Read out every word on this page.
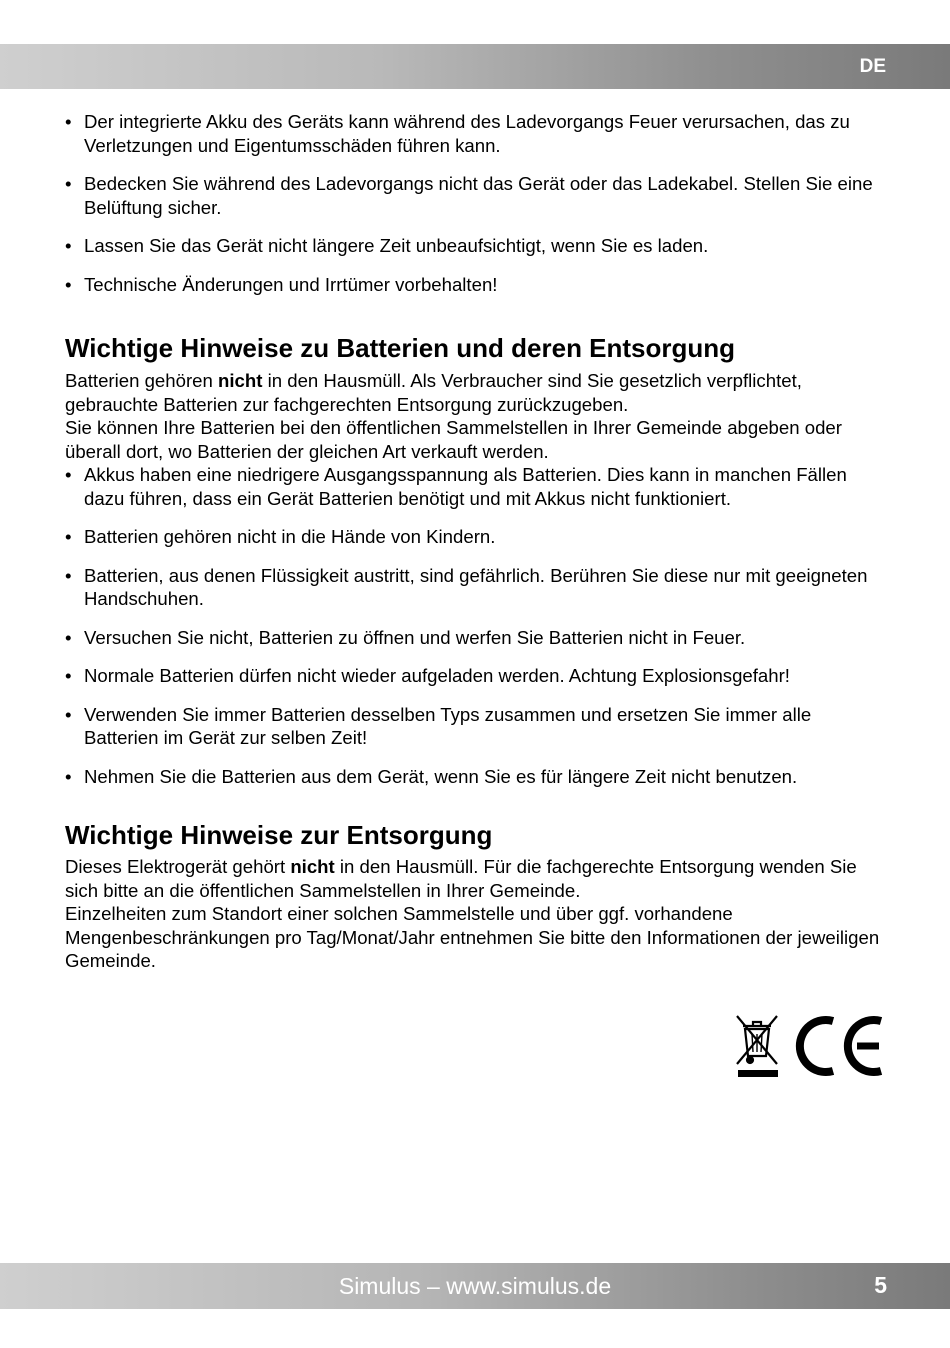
DE
• Der integrierte Akku des Geräts kann während des Ladevorgangs Feuer verursachen, das zu Verletzungen und Eigentumsschäden führen kann.
• Bedecken Sie während des Ladevorgangs nicht das Gerät oder das Ladekabel. Stellen Sie eine Belüftung sicher.
• Lassen Sie das Gerät nicht längere Zeit unbeaufsichtigt, wenn Sie es laden.
• Technische Änderungen und Irrtümer vorbehalten!
Wichtige Hinweise zu Batterien und deren Entsorgung

Batterien gehören nicht in den Hausmüll. Als Verbraucher sind Sie gesetzlich verpflichtet, gebrauchte Batterien zur fachgerechten Entsorgung zurückzugeben.

Sie können Ihre Batterien bei den öffentlichen Sammelstellen in Ihrer Gemeinde abgeben oder überall dort, wo Batterien der gleichen Art verkauft werden.

• Akkus haben eine niedrigere Ausgangsspannung als Batterien. Dies kann in manchen Fällen dazu führen, dass ein Gerät Batterien benötigt und mit Akkus nicht funktioniert.
• Batterien gehören nicht in die Hände von Kindern.
• Batterien, aus denen Flüssigkeit austritt, sind gefährlich. Berühren Sie diese nur mit geeigneten Handschuhen.
• Versuchen Sie nicht, Batterien zu öffnen und werfen Sie Batterien nicht in Feuer.
• Normale Batterien dürfen nicht wieder aufgeladen werden. Achtung Explosionsgefahr!
• Verwenden Sie immer Batterien desselben Typs zusammen und ersetzen Sie immer alle Batterien im Gerät zur selben Zeit!
• Nehmen Sie die Batterien aus dem Gerät, wenn Sie es für längere Zeit nicht benutzen.
Wichtige Hinweise zur Entsorgung

Dieses Elektrogerät gehört nicht in den Hausmüll. Für die fachgerechte Entsorgung wenden Sie sich bitte an die öffentlichen Sammelstellen in Ihrer Gemeinde.

Einzelheiten zum Standort einer solchen Sammelstelle und über ggf. vorhandene Mengenbeschränkungen pro Tag/Monat/Jahr entnehmen Sie bitte den Informationen der jeweiligen Gemeinde.

Simulus – www.simulus.de	5
